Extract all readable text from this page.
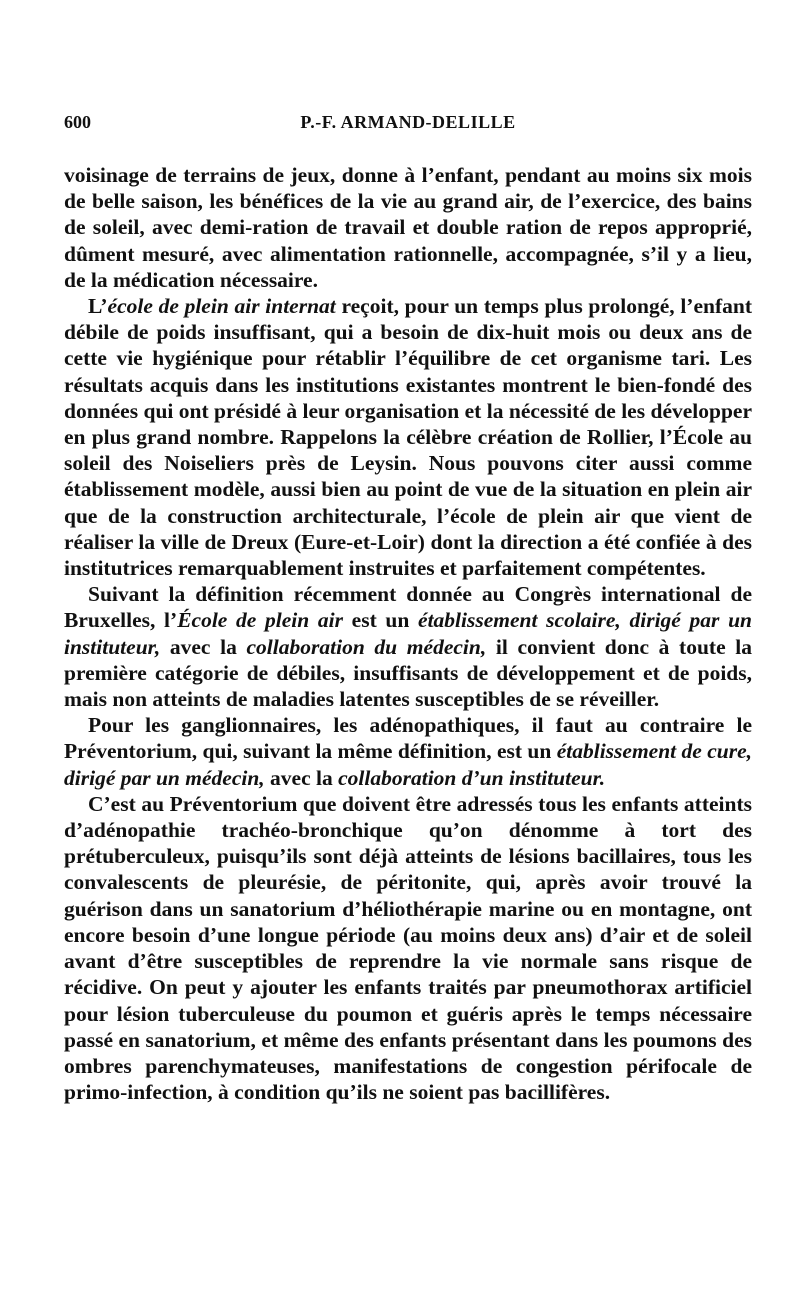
600	P.-F. ARMAND-DELILLE

voisinage de terrains de jeux, donne à l’enfant, pendant au moins six mois de belle saison, les bénéfices de la vie au grand air, de l’exercice, des bains de soleil, avec demi-ration de travail et double ration de repos approprié, dûment mesuré, avec alimentation rationnelle, accompagnée, s’il y a lieu, de la médication nécessaire.

L’école de plein air internat reçoit, pour un temps plus prolongé, l’enfant débile de poids insuffisant, qui a besoin de dix-huit mois ou deux ans de cette vie hygiénique pour rétablir l’équilibre de cet organisme tari. Les résultats acquis dans les institutions existantes montrent le bien-fondé des données qui ont présidé à leur organisation et la nécessité de les développer en plus grand nombre. Rappelons la célèbre création de Rollier, l’École au soleil des Noiseliers près de Leysin. Nous pouvons citer aussi comme établissement modèle, aussi bien au point de vue de la situation en plein air que de la construction architecturale, l’école de plein air que vient de réaliser la ville de Dreux (Eure-et-Loir) dont la direction a été confiée à des institutrices remarquablement instruites et parfaitement compétentes.

Suivant la définition récemment donnée au Congrès international de Bruxelles, l’École de plein air est un établissement scolaire, dirigé par un instituteur, avec la collaboration du médecin, il convient donc à toute la première catégorie de débiles, insuffisants de développement et de poids, mais non atteints de maladies latentes susceptibles de se réveiller.

Pour les ganglionnaires, les adénopathiques, il faut au contraire le Préventorium, qui, suivant la même définition, est un établissement de cure, dirigé par un médecin, avec la collaboration d’un instituteur.

C’est au Préventorium que doivent être adressés tous les enfants atteints d’adénopathie trachéo-bronchique qu’on dénomme à tort des prétuberculeux, puisqu’ils sont déjà atteints de lésions bacillaires, tous les convalescents de pleurésie, de péritonite, qui, après avoir trouvé la guérison dans un sanatorium d’héliothérapie marine ou en montagne, ont encore besoin d’une longue période (au moins deux ans) d’air et de soleil avant d’être susceptibles de reprendre la vie normale sans risque de récidive. On peut y ajouter les enfants traités par pneumothorax artificiel pour lésion tuberculeuse du poumon et guéris après le temps nécessaire passé en sanatorium, et même des enfants présentant dans les poumons des ombres parenchymateuses, manifestations de congestion périfocale de primo-infection, à condition qu’ils ne soient pas bacillifères.
